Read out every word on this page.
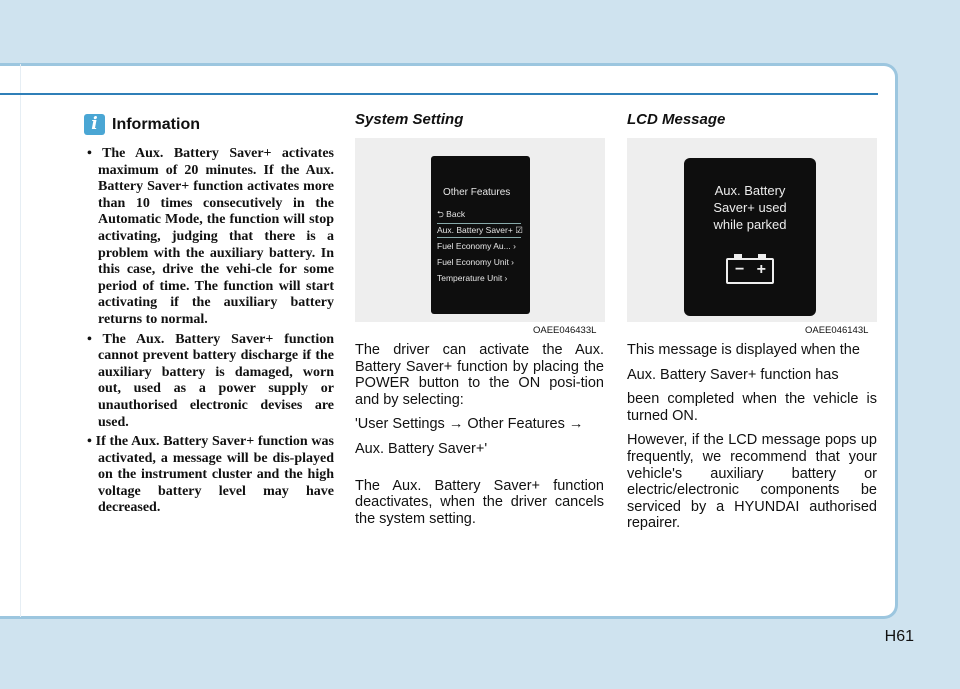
i Information
• The Aux. Battery Saver+ activates maximum of 20 minutes. If the Aux. Battery Saver+ function activates more than 10 times consecutively in the Automatic Mode, the function will stop activating, judging that there is a problem with the auxiliary battery. In this case, drive the vehi-cle for some period of time. The function will start activating if the auxiliary battery returns to normal.
• The Aux. Battery Saver+ function cannot prevent battery discharge if the auxiliary battery is damaged, worn out, used as a power supply or unauthorised electronic devises are used.
• If the Aux. Battery Saver+ function was activated, a message will be dis-played on the instrument cluster and the high voltage battery level may have decreased.
System Setting
Other Features
⮌ Back
Aux. Battery Saver+ ☑
Fuel Economy Au... ›
Fuel Economy Unit ›
Temperature Unit ›
OAEE046433L

The driver can activate the Aux. Battery Saver+ function by placing the POWER button to the ON posi-tion and by selecting:

'User Settings → Other Features →

Aux. Battery Saver+'

The Aux. Battery Saver+ function deactivates, when the driver cancels the system setting.

LCD Message
Aux. Battery
Saver+ used
while parked
− +
OAEE046143L

This message is displayed when the

Aux. Battery Saver+ function has

been completed when the vehicle is turned ON.

However, if the LCD message pops up frequently, we recommend that your vehicle's auxiliary battery or electric/electronic components be serviced by a HYUNDAI authorised repairer.

H61
